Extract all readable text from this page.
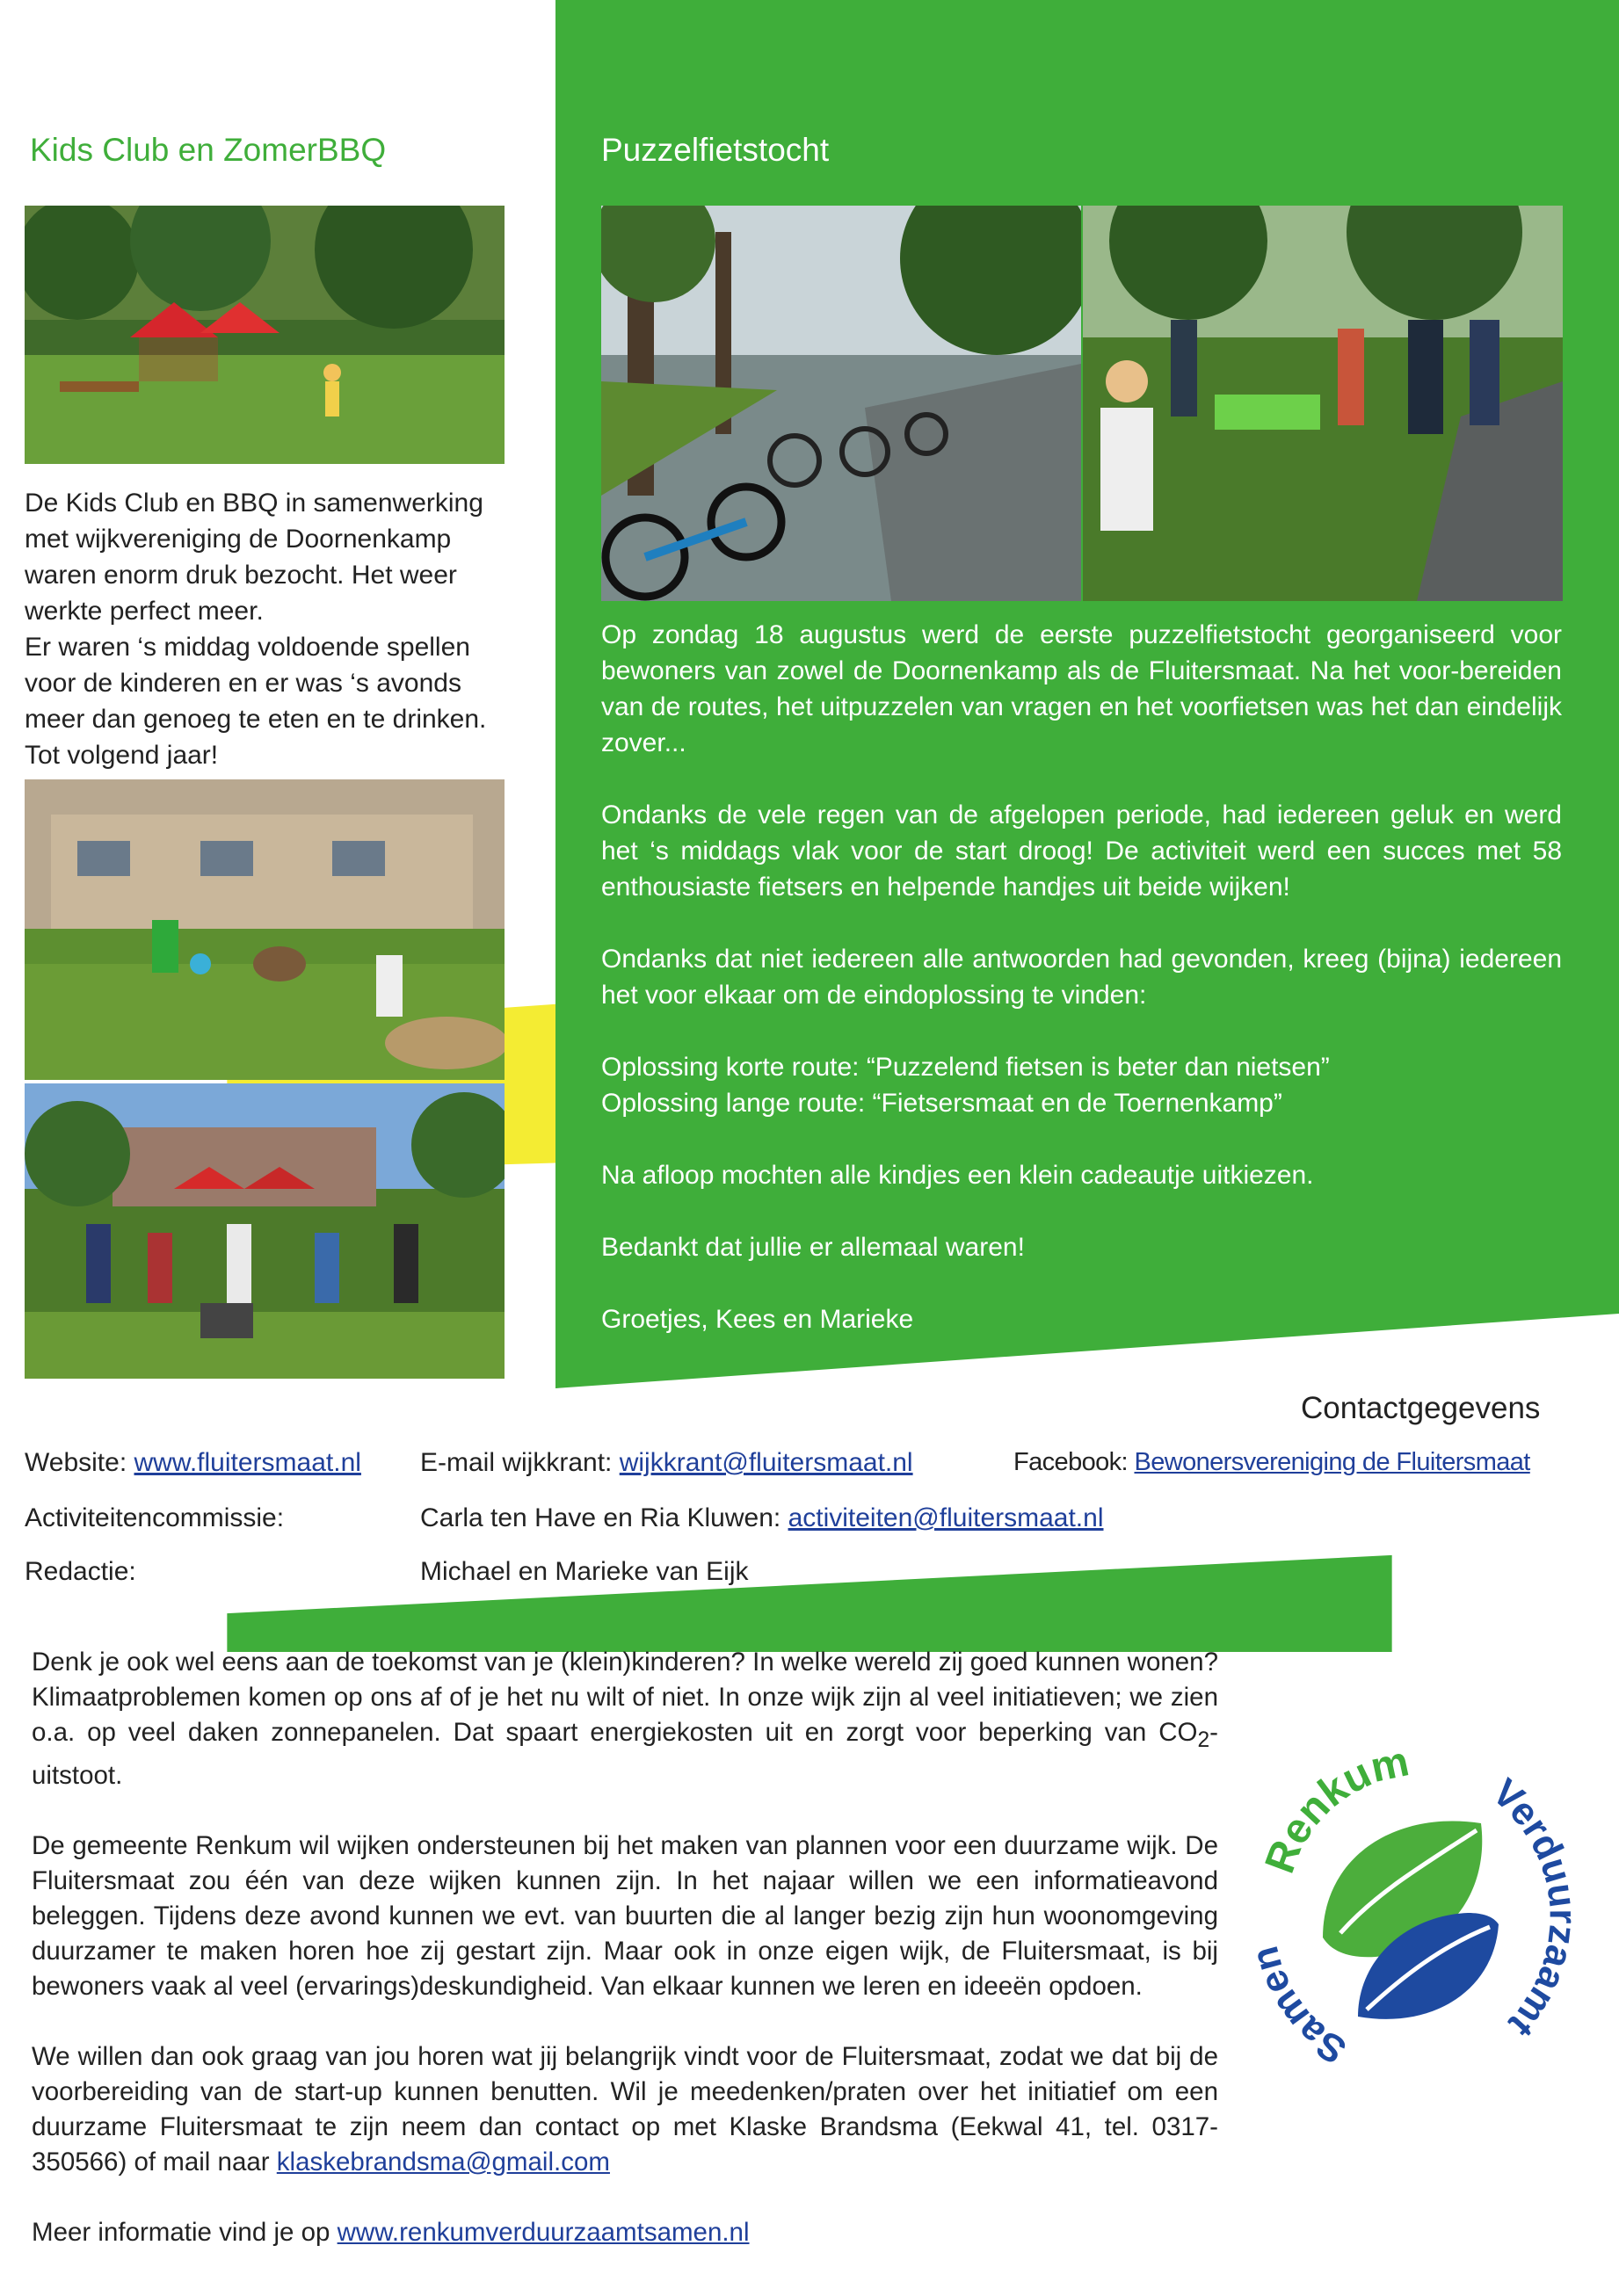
Kids Club en ZomerBBQ

De Kids Club en BBQ in samenwerking

met wijkvereniging de Doornenkamp

waren enorm druk bezocht. Het weer

werkte perfect meer.

Er waren ‘s middag voldoende spellen

voor de kinderen en er was ‘s avonds

meer dan genoeg te eten en te drinken.

Tot volgend jaar!

Puzzelfietstocht

Op zondag 18 augustus werd de eerste puzzelfietstocht georganiseerd voor bewoners van zowel de Doornenkamp als de Fluitersmaat. Na het voor-bereiden van de routes, het uitpuzzelen van vragen en het voorfietsen was het dan eindelijk zover...

Ondanks de vele regen van de afgelopen periode, had iedereen geluk en werd het ‘s middags vlak voor de start droog! De activiteit werd een succes met 58 enthousiaste fietsers en helpende handjes uit beide wijken!

Ondanks dat niet iedereen alle antwoorden had gevonden, kreeg (bijna) iedereen het voor elkaar om de eindoplossing te vinden:

Oplossing korte route: “Puzzelend fietsen is beter dan nietsen”

Oplossing lange route: “Fietsersmaat en de Toernenkamp”

Na afloop mochten alle kindjes een klein cadeautje uitkiezen.

Bedankt dat jullie er allemaal waren!

Groetjes, Kees en Marieke

Contactgegevens
Website: www.fluitersmaat.nl E-mail wijkkrant: wijkkrant@fluitersmaat.nl	Facebook: Bewonersvereniging de Fluitersmaat
Activiteitencommissie:	Carla ten Have en Ria Kluwen: activiteiten@fluitersmaat.nl
Redactie:	Michael en Marieke van Eijk

Denk je ook wel eens aan de toekomst van je (klein)kinderen? In welke wereld zij goed kunnen wonen? Klimaatproblemen komen op ons af of je het nu wilt of niet. In onze wijk zijn al veel initiatieven; we zien o.a. op veel daken zonnepanelen. Dat spaart energiekosten uit en zorgt voor beperking van $CO_2$-uitstoot.

De gemeente Renkum wil wijken ondersteunen bij het maken van plannen voor een duurzame wijk. De Fluitersmaat zou één van deze wijken kunnen zijn. In het najaar willen we een informatieavond beleggen. Tijdens deze avond kunnen we evt. van buurten die al langer bezig zijn hun woonomgeving duurzamer te maken horen hoe zij gestart zijn. Maar ook in onze eigen wijk, de Fluitersmaat, is bij bewoners vaak al veel (ervarings)deskundigheid. Van elkaar kunnen we leren en ideeën opdoen.

We willen dan ook graag van jou horen wat jij belangrijk vindt voor de Fluitersmaat, zodat we dat bij de voorbereiding van de start-up kunnen benutten. Wil je meedenken/praten over het initiatief om een duurzame Fluitersmaat te zijn neem dan contact op met Klaske Brandsma (Eekwal 41, tel. 0317-350566) of mail naar klaskebrandsma@gmail.com

Meer informatie vind je op www.renkumverduurzaamtsamen.nl

Renkum
Verduurzaamt
Samen
